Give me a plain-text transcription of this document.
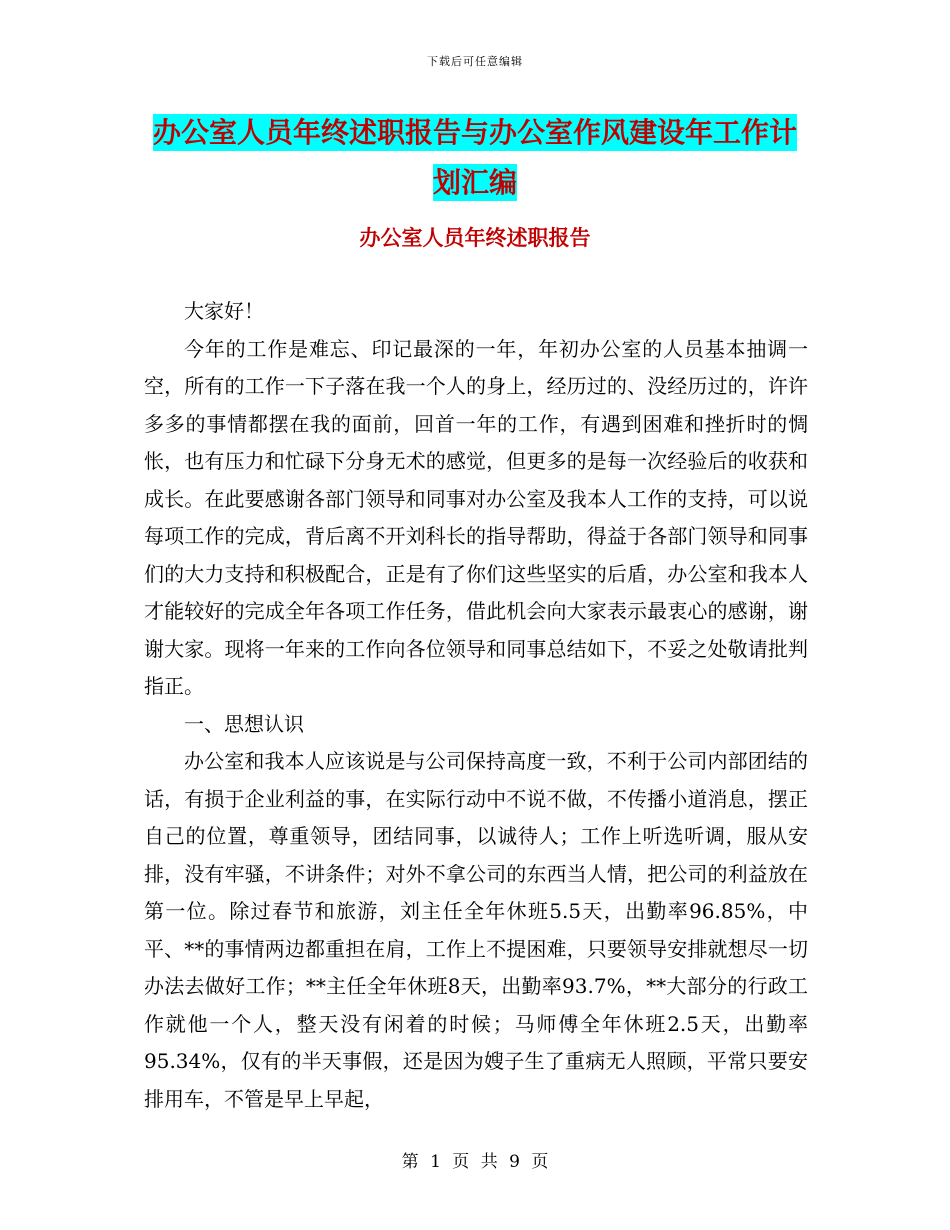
下载后可任意编辑
办公室人员年终述职报告与办公室作风建设年工作计
划汇编
办公室人员年终述职报告

大家好！

今年的工作是难忘、印记最深的一年，年初办公室的人员基本抽调一空，所有的工作一下子落在我一个人的身上，经历过的、没经历过的，许许多多的事情都摆在我的面前，回首一年的工作，有遇到困难和挫折时的惆怅，也有压力和忙碌下分身无术的感觉，但更多的是每一次经验后的收获和成长。在此要感谢各部门领导和同事对办公室及我本人工作的支持，可以说每项工作的完成，背后离不开刘科长的指导帮助，得益于各部门领导和同事们的大力支持和积极配合，正是有了你们这些坚实的后盾，办公室和我本人才能较好的完成全年各项工作任务，借此机会向大家表示最衷心的感谢，谢谢大家。现将一年来的工作向各位领导和同事总结如下，不妥之处敬请批判指正。

一、思想认识

办公室和我本人应该说是与公司保持高度一致，不利于公司内部团结的话，有损于企业利益的事，在实际行动中不说不做，不传播小道消息，摆正自己的位置，尊重领导，团结同事，以诚待人；工作上听选听调，服从安排，没有牢骚，不讲条件；对外不拿公司的东西当人情，把公司的利益放在第一位。除过春节和旅游，刘主任全年休班5.5天，出勤率96.85%，中平、**的事情两边都重担在肩，工作上不提困难，只要领导安排就想尽一切办法去做好工作；**主任全年休班8天，出勤率93.7%，**大部分的行政工作就他一个人，整天没有闲着的时候；马师傅全年休班2.5天，出勤率95.34%，仅有的半天事假，还是因为嫂子生了重病无人照顾，平常只要安排用车，不管是早上早起，

第 1 页 共 9 页
